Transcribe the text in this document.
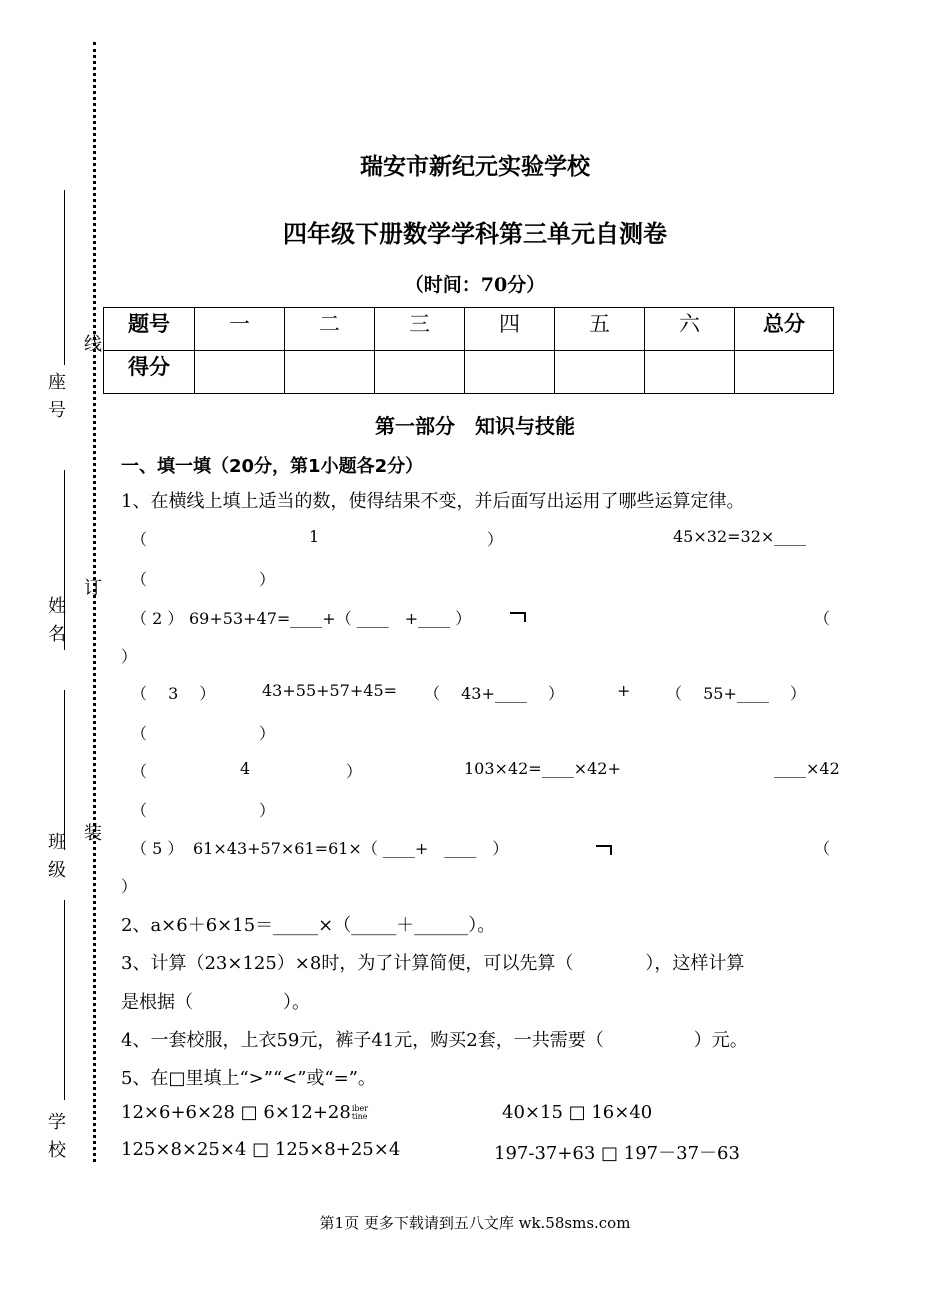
座号
姓名
班级
学校
线
订
装
瑞安市新纪元实验学校
四年级下册数学学科第三单元自测卷
（时间：70分）
题号	一	二	三	四	五	六	总分
得分							
第一部分　知识与技能
一、填一填（20分，第1小题各2分）
1、在横线上填上适当的数，使得结果不变，并后面写出运用了哪些运算定律。
（	1	）	45×32=32×____
（　　　　　　　）
（ 2 ） 69+53+47=____+（ ____　+____ ）	（
）
（　 3　 ）	43+55+57+45= （　 43+____　 ）	+ （　 55+____　 ）
（　　　　　　　）
（	4	）	103×42=____×42+	____×42
（　　　　　　　）
（ 5 ） 61×43+57×61=61×（ ____+　____　）	（
）
2、a×6＋6×15＝_____×（_____＋______）。
3、计算（23×125）×8时，为了计算简便，可以先算（　　　　），这样计算
是根据（　　　　　）。
4、一套校服，上衣59元，裤子41元，购买2套，一共需要（　　　　　）元。
5、在□里填上“>”“<”或“=”。
12×6+6×28 □ 6×12+28 iber
tine	40×15 □ 16×40
125×8×25×4 □ 125×8+25×4	197-37+63 □ 197－37－63
第1页 更多下载请到五八文库 wk.58sms.com
